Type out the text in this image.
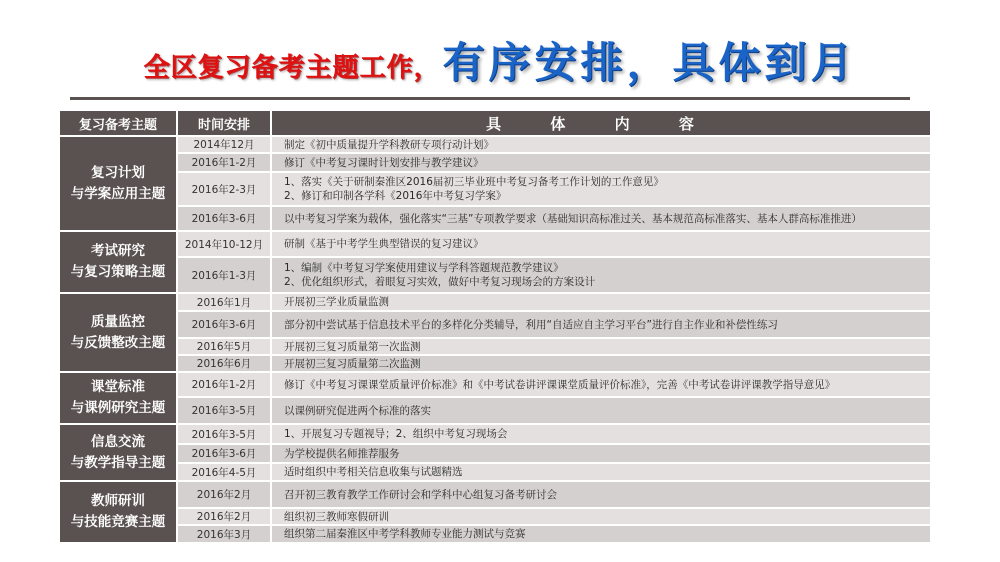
全区复习备考主题工作， 有序安排，具体到月
复习备考主题	时间安排	具 体 内 容

复习计划
与学案应用主题	2014年12月	制定《初中质量提升学科教研专项行动计划》

	2016年1-2月	修订《中考复习课时计划安排与教学建议》

	2016年2-3月	1、落实《关于研制秦淮区2016届初三毕业班中考复习备考工作计划的工作意见》
2、修订和印制各学科《2016年中考复习学案》

	2016年3-6月	以中考复习学案为载体，强化落实“三基”专项教学要求（基础知识高标准过关、基本规范高标准落实、基本人群高标准推进）

考试研究
与复习策略主题	2014年10-12月	研制《基于中考学生典型错误的复习建议》

	2016年1-3月	1、编制《中考复习学案使用建议与学科答题规范教学建议》
2、优化组织形式，着眼复习实效，做好中考复习现场会的方案设计

质量监控
与反馈整改主题	2016年1月	开展初三学业质量监测

	2016年3-6月	部分初中尝试基于信息技术平台的多样化分类辅导，利用“自适应自主学习平台”进行自主作业和补偿性练习

	2016年5月	开展初三复习质量第一次监测

	2016年6月	开展初三复习质量第二次监测

课堂标准
与课例研究主题	2016年1-2月	修订《中考复习课课堂质量评价标准》和《中考试卷讲评课课堂质量评价标准》，完善《中考试卷讲评课教学指导意见》

	2016年3-5月	以课例研究促进两个标准的落实

信息交流
与教学指导主题	2016年3-5月	1、开展复习专题视导；2、组织中考复习现场会

	2016年3-6月	为学校提供名师推荐服务

	2016年4-5月	适时组织中考相关信息收集与试题精选

教师研训
与技能竞赛主题	2016年2月	召开初三教育教学工作研讨会和学科中心组复习备考研讨会

	2016年2月	组织初三教师寒假研训

	2016年3月	组织第二届秦淮区中考学科教师专业能力测试与竞赛
